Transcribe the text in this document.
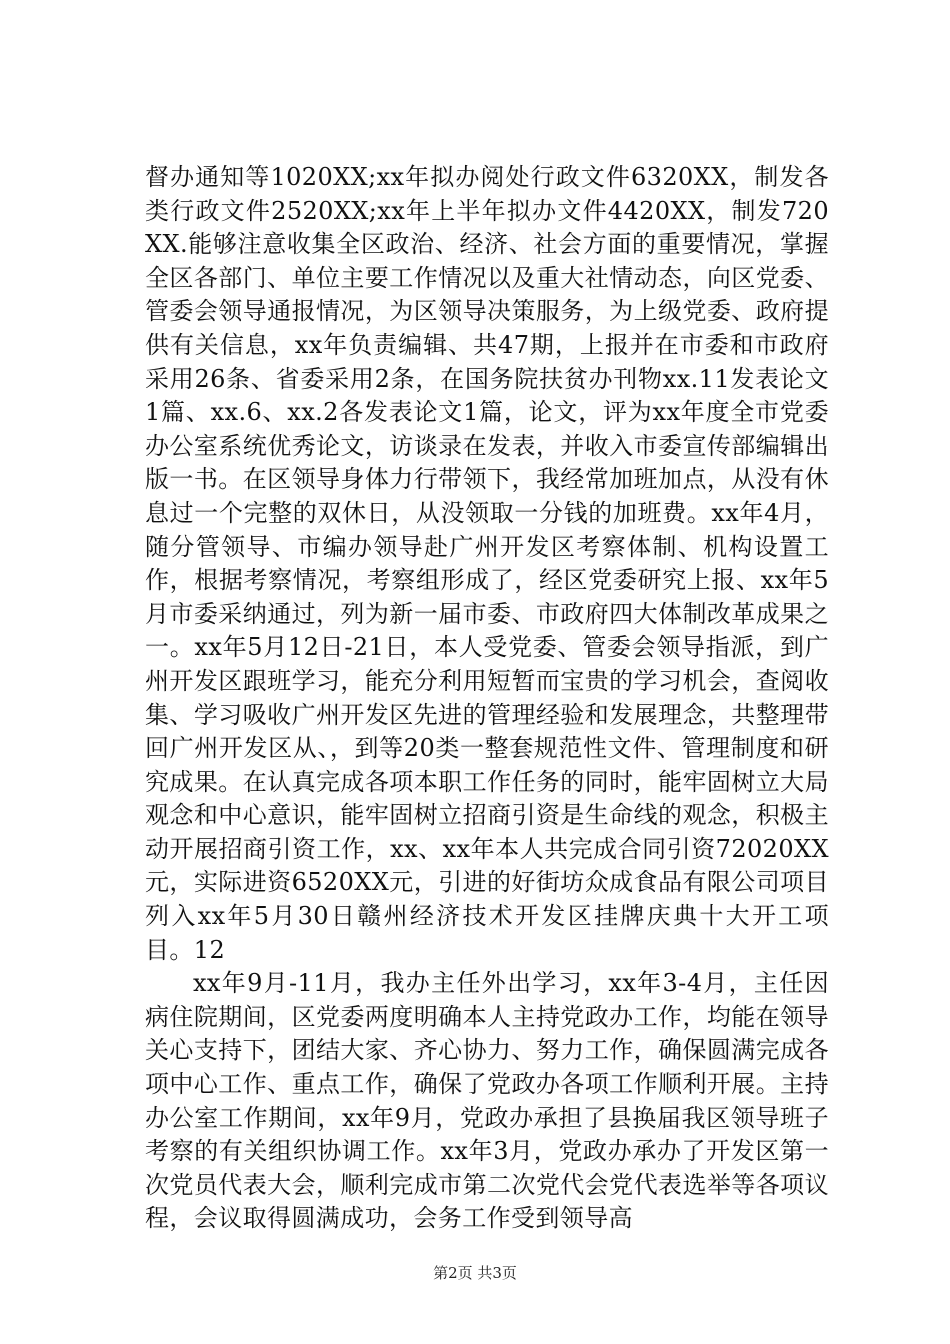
督办通知等1020XX;xx年拟办阅处行政文件6320XX，制发各类行政文件2520XX;xx年上半年拟办文件4420XX，制发720XX.能够注意收集全区政治、经济、社会方面的重要情况，掌握全区各部门、单位主要工作情况以及重大社情动态，向区党委、管委会领导通报情况，为区领导决策服务，为上级党委、政府提供有关信息，xx年负责编辑、共47期，上报并在市委和市政府采用26条、省委采用2条，在国务院扶贫办刊物xx.11发表论文1篇、xx.6、xx.2各发表论文1篇，论文，评为xx年度全市党委办公室系统优秀论文，访谈录在发表，并收入市委宣传部编辑出版一书。在区领导身体力行带领下，我经常加班加点，从没有休息过一个完整的双休日，从没领取一分钱的加班费。xx年4月，随分管领导、市编办领导赴广州开发区考察体制、机构设置工作，根据考察情况，考察组形成了，经区党委研究上报、xx年5月市委采纳通过，列为新一届市委、市政府四大体制改革成果之一。xx年5月12日-21日，本人受党委、管委会领导指派，到广州开发区跟班学习，能充分利用短暂而宝贵的学习机会，查阅收集、学习吸收广州开发区先进的管理经验和发展理念，共整理带回广州开发区从、，到等20类一整套规范性文件、管理制度和研究成果。在认真完成各项本职工作任务的同时，能牢固树立大局观念和中心意识，能牢固树立招商引资是生命线的观念，积极主动开展招商引资工作，xx、xx年本人共完成合同引资72020XX元，实际进资6520XX元，引进的好街坊众成食品有限公司项目列入xx年5月30日赣州经济技术开发区挂牌庆典十大开工项目。12

xx年9月-11月，我办主任外出学习，xx年3-4月，主任因病住院期间，区党委两度明确本人主持党政办工作，均能在领导关心支持下，团结大家、齐心协力、努力工作，确保圆满完成各项中心工作、重点工作，确保了党政办各项工作顺利开展。主持办公室工作期间，xx年9月，党政办承担了县换届我区领导班子考察的有关组织协调工作。xx年3月，党政办承办了开发区第一次党员代表大会，顺利完成市第二次党代会党代表选举等各项议程，会议取得圆满成功，会务工作受到领导高

第2页 共3页
